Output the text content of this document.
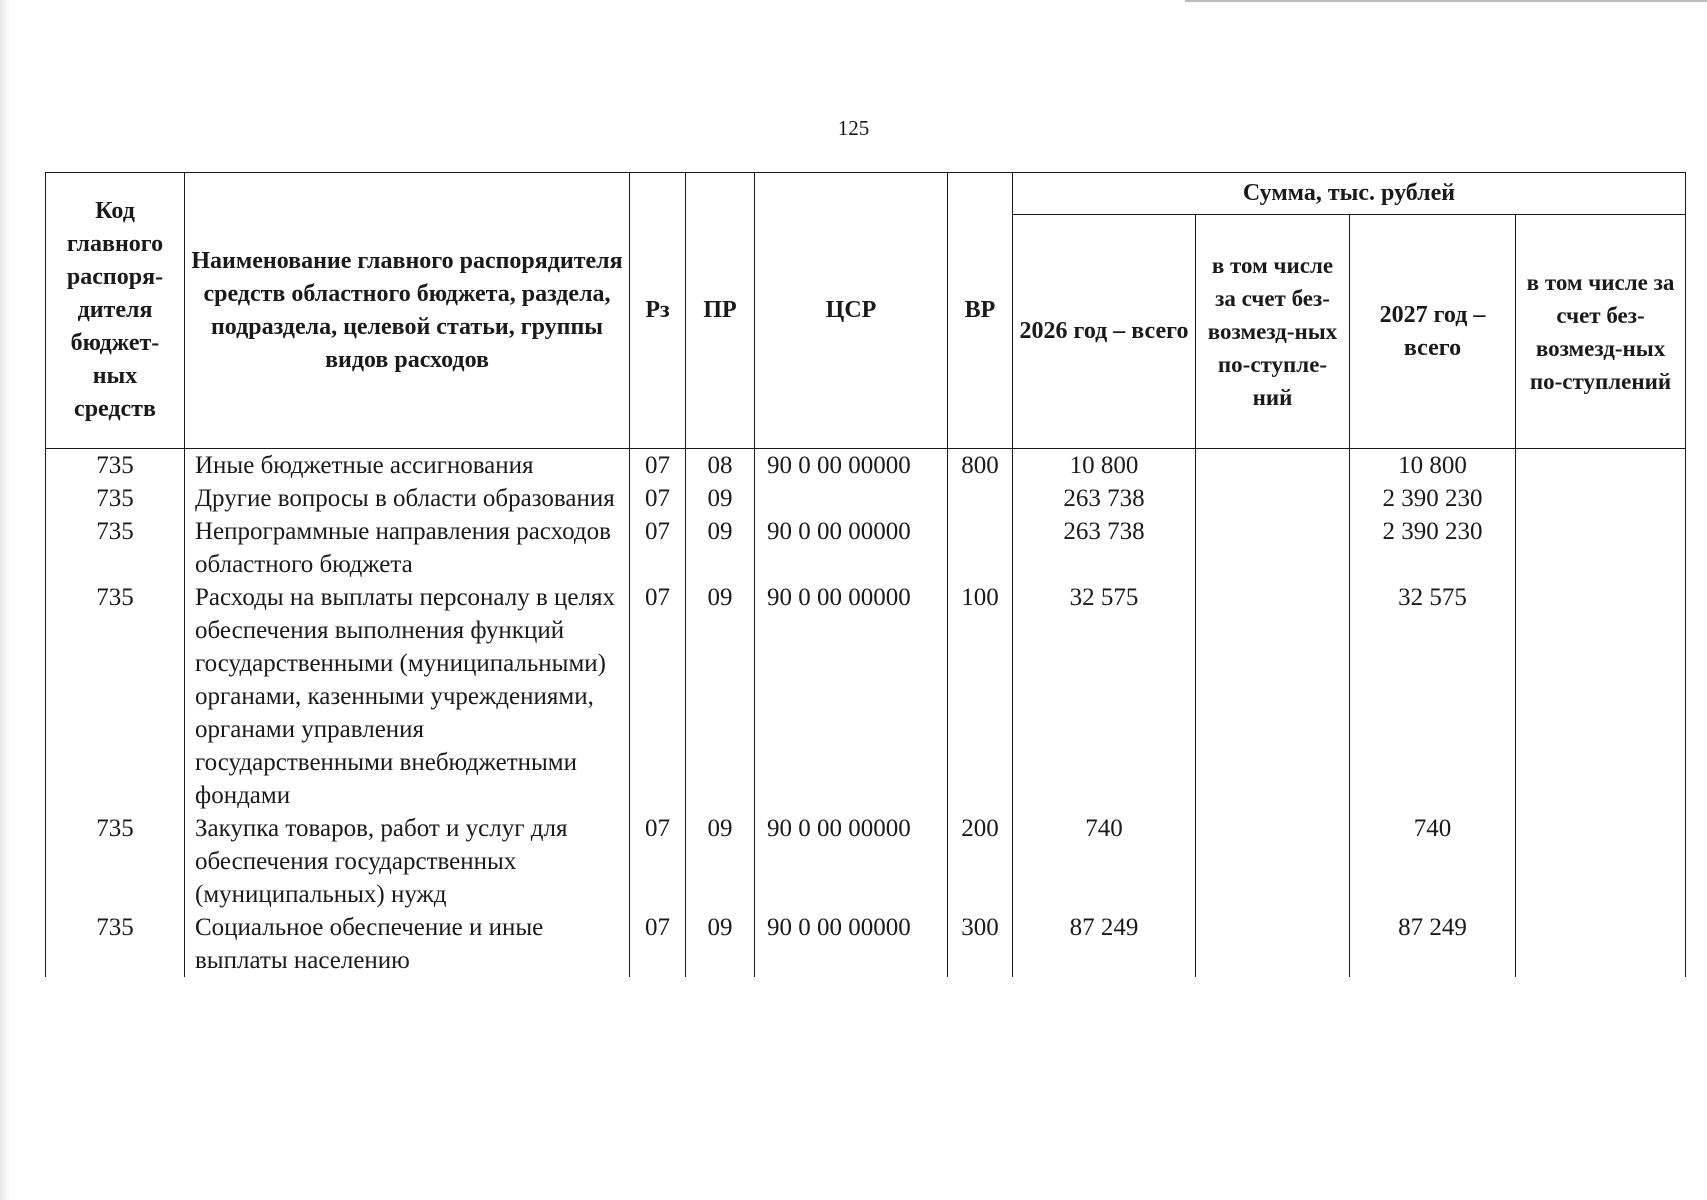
125
Код главного распоря-дителя бюджет-ных средств	Наименование главного распорядителя средств областного бюджета, раздела, подраздела, целевой статьи, группы видов расходов	Рз	ПР	ЦСР	ВР	Сумма, тыс. рублей			
						2026 год – всего	в том числе за счет без-возмезд-ных по-ступле-ний	2027 год – всего	в том числе за счет без-возмезд-ных по-ступлений
735	Иные бюджетные ассигнования	07	08	90 0 00 00000	800	10 800		10 800	
735	Другие вопросы в области образования	07	09			263 738		2 390 230	
735	Непрограммные направления расходов областного бюджета	07	09	90 0 00 00000		263 738		2 390 230	
735	Расходы на выплаты персоналу в целях обеспечения выполнения функций государственными (муниципальными) органами, казенными учреждениями, органами управления государственными внебюджетными фондами	07	09	90 0 00 00000	100	32 575		32 575	
735	Закупка товаров, работ и услуг для обеспечения государственных (муниципальных) нужд	07	09	90 0 00 00000	200	740		740	
735	Социальное обеспечение и иные выплаты населению	07	09	90 0 00 00000	300	87 249		87 249	
